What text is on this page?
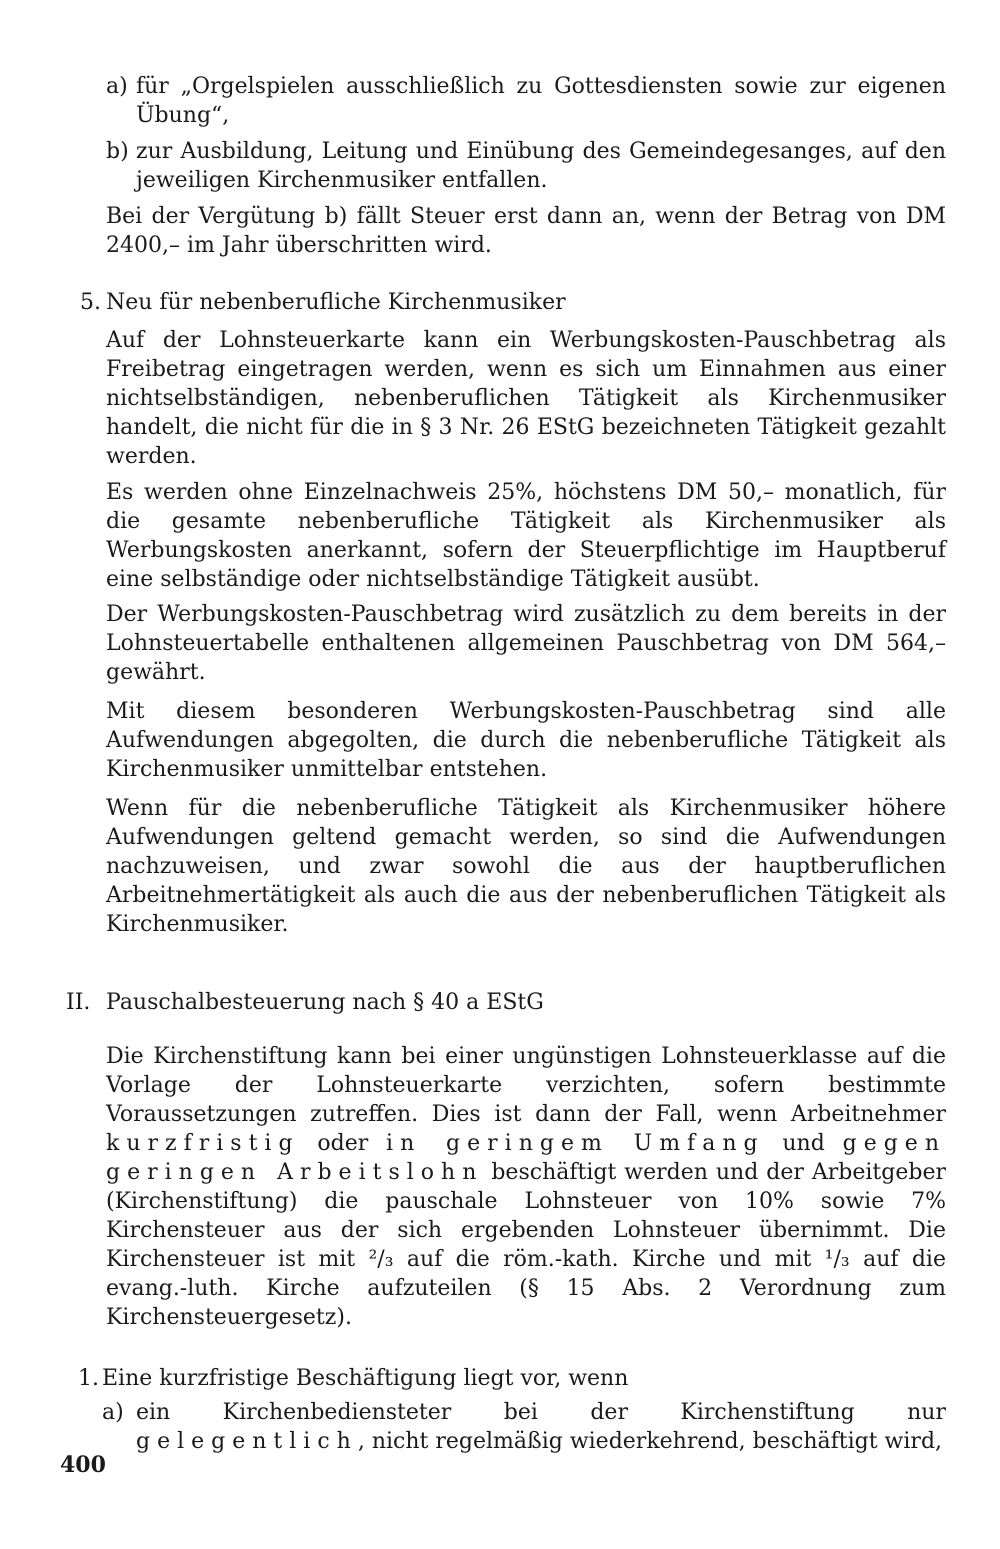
a) für „Orgelspielen ausschließlich zu Gottesdiensten sowie zur eigenen Übung“,

b) zur Ausbildung, Leitung und Einübung des Gemeindegesanges, auf den jeweiligen Kirchenmusiker entfallen.

Bei der Vergütung b) fällt Steuer erst dann an, wenn der Betrag von DM 2400,– im Jahr überschritten wird.

5. Neu für nebenberufliche Kirchenmusiker

Auf der Lohnsteuerkarte kann ein Werbungskosten-Pauschbetrag als Freibetrag eingetragen werden, wenn es sich um Einnahmen aus einer nichtselbständigen, nebenberuflichen Tätigkeit als Kirchenmusiker handelt, die nicht für die in § 3 Nr. 26 EStG bezeichneten Tätigkeit gezahlt werden.

Es werden ohne Einzelnachweis 25%, höchstens DM 50,– monatlich, für die gesamte nebenberufliche Tätigkeit als Kirchenmusiker als Werbungskosten anerkannt, sofern der Steuerpflichtige im Hauptberuf eine selbständige oder nichtselbständige Tätigkeit ausübt.

Der Werbungskosten-Pauschbetrag wird zusätzlich zu dem bereits in der Lohnsteuertabelle enthaltenen allgemeinen Pauschbetrag von DM 564,– gewährt.

Mit diesem besonderen Werbungskosten-Pauschbetrag sind alle Aufwendungen abgegolten, die durch die nebenberufliche Tätigkeit als Kirchenmusiker unmittelbar entstehen.

Wenn für die nebenberufliche Tätigkeit als Kirchenmusiker höhere Aufwendungen geltend gemacht werden, so sind die Aufwendungen nachzuweisen, und zwar sowohl die aus der hauptberuflichen Arbeitnehmertätigkeit als auch die aus der nebenberuflichen Tätigkeit als Kirchenmusiker.

II. Pauschalbesteuerung nach § 40 a EStG

Die Kirchenstiftung kann bei einer ungünstigen Lohnsteuerklasse auf die Vorlage der Lohnsteuerkarte verzichten, sofern bestimmte Voraussetzungen zutreffen. Dies ist dann der Fall, wenn Arbeitnehmer kurzfristig oder in geringem Umfang und gegen geringen Arbeitslohn beschäftigt werden und der Arbeitgeber (Kirchenstiftung) die pauschale Lohnsteuer von 10% sowie 7% Kirchensteuer aus der sich ergebenden Lohnsteuer übernimmt. Die Kirchensteuer ist mit ²/₃ auf die röm.-kath. Kirche und mit ¹/₃ auf die evang.-luth. Kirche aufzuteilen (§ 15 Abs. 2 Verordnung zum Kirchensteuergesetz).

1. Eine kurzfristige Beschäftigung liegt vor, wenn
a) ein Kirchenbediensteter bei der Kirchenstiftung nur gelegentlich, nicht regelmäßig wiederkehrend, beschäftigt wird,

400
